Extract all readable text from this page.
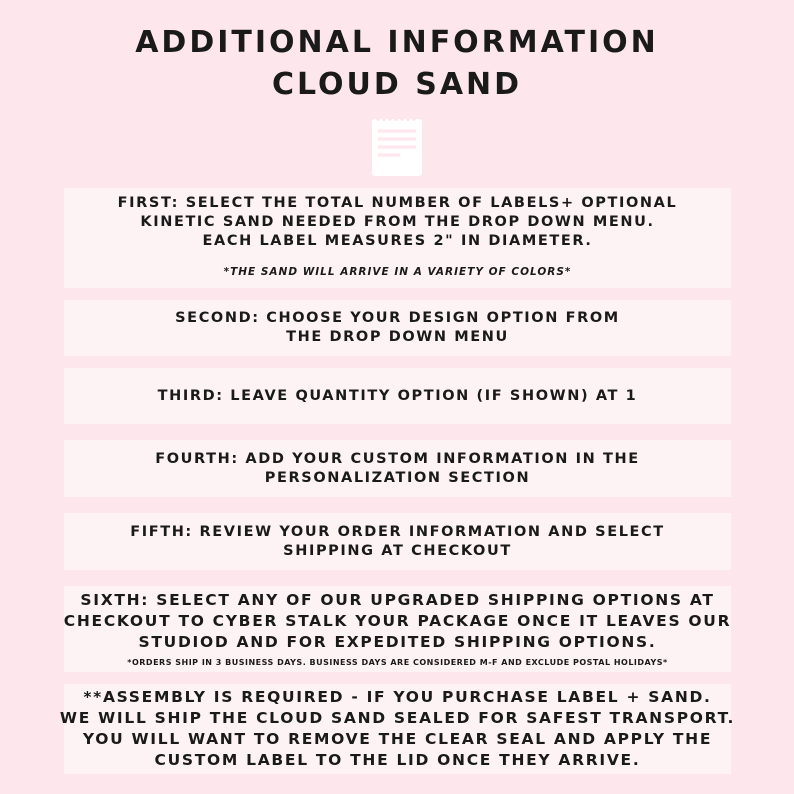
ADDITIONAL INFORMATION
CLOUD SAND
FIRST: SELECT THE TOTAL NUMBER OF LABELS+ OPTIONAL
KINETIC SAND NEEDED FROM THE DROP DOWN MENU.
EACH LABEL MEASURES 2" IN DIAMETER.
*THE SAND WILL ARRIVE IN A VARIETY OF COLORS*
SECOND: CHOOSE YOUR DESIGN OPTION FROM
THE DROP DOWN MENU
THIRD: LEAVE QUANTITY OPTION (IF SHOWN) AT 1
FOURTH: ADD YOUR CUSTOM INFORMATION IN THE
PERSONALIZATION SECTION
FIFTH: REVIEW YOUR ORDER INFORMATION AND SELECT
SHIPPING AT CHECKOUT
SIXTH: SELECT ANY OF OUR UPGRADED SHIPPING OPTIONS AT
CHECKOUT TO CYBER STALK YOUR PACKAGE ONCE IT LEAVES OUR
STUDIOD AND FOR EXPEDITED SHIPPING OPTIONS.
*ORDERS SHIP IN 3 BUSINESS DAYS. BUSINESS DAYS ARE CONSIDERED M-F AND EXCLUDE POSTAL HOLIDAYS*
**ASSEMBLY IS REQUIRED - IF YOU PURCHASE LABEL + SAND.
WE WILL SHIP THE CLOUD SAND SEALED FOR SAFEST TRANSPORT.
YOU WILL WANT TO REMOVE THE CLEAR SEAL AND APPLY THE
CUSTOM LABEL TO THE LID ONCE THEY ARRIVE.
